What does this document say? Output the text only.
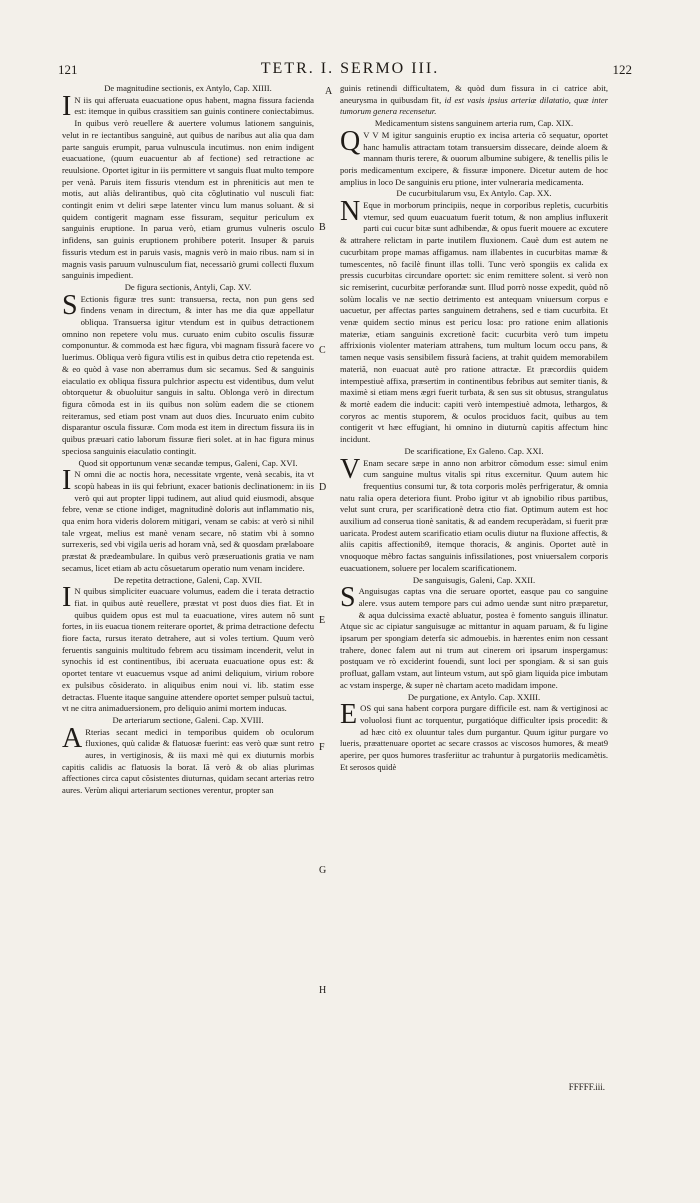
121	TETR. I. SERMO III.	122

De magnitudine sectionis, ex Antylo, Cap. XIIII.

I N iis qui afferuata euacuatione opus habent, magna fissura facienda est: itemque in quibus crassitiem san guinis continere coniectabimus. In quibus verò reuellere & auertere volumus lationem sanguinis, velut in re iectantibus sanguinè, aut quibus de naribus aut alia qua dam parte sanguis erumpit, parua vulnuscula incutimus. non enim indigent euacuatione, (quum euacuentur ab af fectione) sed retractione ac reuulsione. Oportet igitur in iis permittere vt sanguis fluat multo tempore per venà. Paruis item fissuris vtendum est in phreniticis aut men te motis, aut aliàs delirantibus, quò cita cõglutinatio vul nusculi fiat: contingit enim vt deliri sæpe latenter vincu lum manus soluant. & si quidem contigerit magnam esse fissuram, sequitur periculum ex sanguinis eruptione. In parua verò, etiam grumus vulneris osculo infidens, san guinis eruptionem prohibere poterit. Insuper & paruis fissuris vtedum est in paruis vasis, magnis verò in maio ribus. nam si in magnis vasis paruum vulnusculum fiat, necessariò grumi collecti fluxum sanguinis impedient.

De figura sectionis, Antyli, Cap. XV.

S Ectionis figuræ tres sunt: transuersa, recta, non pun gens sed findens venam in directum, & inter has me dia quæ appellatur obliqua. Transuersa igitur vtendum est in quibus detractionem omnino non repetere volu mus. curuato enim cubito osculis fissuræ componuntur. & commoda est hæc figura, vbi magnam fissurà facere vo luerimus. Obliqua verò figura vtilis est in quibus detra ctio repetenda est. & eo quòd à vase non aberramus dum sic secamus. Sed & sanguinis eiaculatio ex obliqua fissura pulchrior aspectu est videntibus, dum velut obtorquetur & obuoluitur sanguis in saltu. Oblonga verò in directum figura cõmoda est in iis quibus non solùm eadem die se ctionem reiteramus, sed etiam post vnam aut duos dies. Incuruato enim cubito disparantur oscula fissuræ. Com moda est item in directum fissura iis in quibus præuari catio laborum fissuræ fieri solet. at in hac figura minus speciosa sanguinis eiaculatio contingit.

Quod sit opportunum venæ secandæ tempus, Galeni, Cap. XVI.

I N omni die ac noctis hora, necessitate vrgente, venà secabis, ita vt scopù habeas in iis qui febriunt, exacer bationis declinationem: in iis verò qui aut propter lippi tudinem, aut aliud quid eiusmodi, absque febre, venæ se ctione indiget, magnitudinè doloris aut inflammatio nis, qua enim hora videris dolorem mitigari, venam se cabis: at verò si nihil tale vrgeat, melius est manè venam secare, nõ statim vbi à somno surrexeris, sed vbi vigila ueris ad horam vnà, sed & quosdam prælaboare præstat & prædeambulare. In quibus verò præseruationis gratia ve nam secamus, licet etiam ab actu cõsuetarum operatio num venam incidere.

De repetita detractione, Galeni, Cap. XVII.

I N quibus simpliciter euacuare volumus, eadem die i terata detractio fiat. in quibus autè reuellere, præstat vt post duos dies fiat. Et in quibus quidem opus est mul ta euacuatione, vires autem nõ sunt fortes, in iis euacua tionem reiterare oportet, & prima detractione defectu fiore facta, rursus iterato detrahere, aut si voles tertium. Quum verò feruentis sanguinis multitudo febrem acu tissimam incenderit, velut in synochis id est continentibus, ibi aceruata euacuatione opus est: & oportet tentare vt euacuemus vsque ad animi deliquium, virium robore ex pulsibus cõsiderato. in aliquibus enim noui vi. lib. statim esse detractas. Fluente itaque sanguine attendere oportet semper pulsuù tactui, vt ne citra animaduersionem, pro deliquio animi mortem inducas.

De arteriarum sectione, Galeni. Cap. XVIII.

A Rterias secant medici in temporibus quidem ob oculorum fluxiones, quù calidæ & flatuosæ fuerint: eas verò quæ sunt retro aures, in vertiginosis, & iis maxi mè qui ex diuturnis morbis capitis calidis ac flatuosis la borat. Iã verò & ob alias plurimas affectiones circa caput cõsistentes diuturnas, quidam secant arterias retro aures. Verùm aliqui arteriarum sectiones verentur, propter san

guinis retinendi difficultatem, & quòd dum fissura in ci catrice abit, aneurysma in quibusdam fit, id est vasis ipsius arteriæ dilatatio, quæ inter tumorum genera recensetur.

Medicamentum sistens sanguinem arteria rum, Cap. XIX.

Q V V M igitur sanguinis eruptio ex incisa arteria cõ sequatur, oportet hanc hamulis attractam totam transuersim dissecare, deinde aloem & mannam thuris terere, & ouorum albumine subigere, & tenellis pilis le poris medicamentum excipere, & fissuræ imponere. Dicetur autem de hoc amplius in loco De sanguinis eru ptione, inter vulneraria medicamenta.

De cucurbitularum vsu, Ex Antylo. Cap. XX.

N Eque in morborum principiis, neque in corporibus repletis, cucurbitis vtemur, sed quum euacuatum fuerit totum, & non amplius influxerit parti cui cucur bitæ sunt adhibendæ, & opus fuerit mouere ac excutere & attrahere relictam in parte inutilem fluxionem. Cauè dum est autem ne cucurbitam prope mamas affigamus. nam illabentes in cucurbitas mamæ & tumescentes, nõ facilè finunt illas tolli. Tunc verò spongiis ex calida ex pressis cucurbitas circundare oportet: sic enim remittere solent. si verò non sic remiserint, cucurbitæ perforandæ sunt. Illud porrò nosse expedit, quòd nõ solùm localis ve næ sectio detrimento est antequam vniuersum corpus e uacuetur, per affectas partes sanguinem detrahens, sed e tiam cucurbita. Et venæ quidem sectio minus est pericu losa: pro ratione enim allationis materiæ, etiam sanguinis excretionè facit: cucurbita verò tum impetu affrixionis violenter materiam attrahens, tum multum locum occu pans, & tamen neque vasis sensibilem fissurà faciens, at trahit quidem memorabilem materiã, non euacuat autè pro ratione attractæ. Et præcordiis quidem intempestiuè affixa, præsertim in continentibus febribus aut semiter tianis, & maximè si etiam mens ægri fuerit turbata, & sen sus sit obtusus, strangulatus & mortè eadem die inducit: capiti verò intempestiuè admota, lethargos, & coryros ac mentis stuporem, & oculos prociduos facit, quibus au tem contigerit vt hæc effugiant, hi omnino in diuturnù capitis affectum hinc incidunt.

De scarificatione, Ex Galeno. Cap. XXI.

V Enam secare sæpe in anno non arbitror cõmodum esse: simul enim cum sanguine multus vitalis spi ritus excernitur. Quum autem hic frequentius consumi tur, & tota corporis molès perfrigeratur, & omnia natu ralia opera deteriora fiunt. Probo igitur vt ab ignobilio ribus partibus, velut sunt crura, per scarificationè detra ctio fiat. Optimum autem est hoc auxilium ad conserua tionè sanitatis, & ad eandem recuperàdam, si fuerit præ uaricata. Prodest autem scarificatio etiam oculis diutur na fluxione affectis, & aliis capitis affectionib9, itemque thoracis, & anginis. Oportet autè in vnoquoque mèbro factas sanguinis infissilationes, post vniuersalem corporis euacuationem, soluere per localem scarificationem.

De sanguisugis, Galeni, Cap. XXII.

S Anguisugas captas vna die seruare oportet, easque pau co sanguine alere. vsus autem tempore pars cui admo uendæ sunt nitro præparetur, & aqua dulcissima exactè abluatur, postea è fomento sanguis illinatur. Atque sic ac cipiatur sanguisugæ ac mittantur in aquam paruam, & fu ligine ipsarum per spongiam deterfa sic admouebis. in hærentes enim non cessant trahere, donec falem aut ni trum aut cinerem ori ipsarum inspergamus: postquam ve rò exciderint fouendi, sunt loci per spongiam. & si san guis profluat, gallam vstam, aut linteum vstum, aut spõ giam liquida pice imbutam ac vstam insperge, & super nè chartam aceto madidam impone.

De purgatione, ex Antylo. Cap. XXIII.

EOS qui sana habent corpora purgare difficile est. nam & vertiginosi ac voluolosi fiunt ac torquentur, purgatióque difficulter ipsis procedit: & ad hæc citò ex oluuntur tales dum purgantur. Quum igitur purgare vo lueris, præattenuare oportet ac secare crassos ac viscosos humores, & meat9 aperire, per quos humores trasferiitur ac trahuntur à purgatoriis medicamètis. Et serosos quidè

A
B
C
D
E
F
G
H
FFFFF.iii.
